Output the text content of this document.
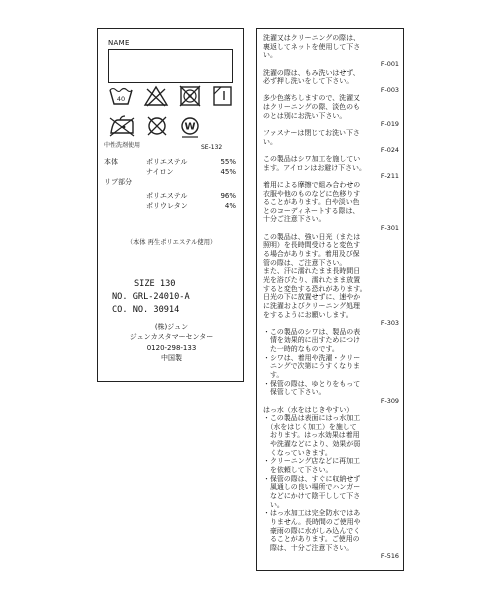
NAME
40
W
中性洗剤使用	SE-132
本体	ポリエステル	55%
ナイロン	45%
リブ部分
ポリエステル	96%
ポリウレタン	4%
（本体 再生ポリエステル使用）
SIZE 130
NO. GRL-24010-A
CO. NO. 30914
(株)ジュン
ジュンカスタマーセンター
0120-298-133
中国製
洗濯又はクリーニングの際は、
裏返してネットを使用して下さ
い。
F-001
洗濯の際は、もみ洗いはせず、
必ず押し洗いをして下さい。
F-003
多少色落ちしますので、洗濯又
はクリーニングの際、淡色のも
のとは別にお洗い下さい。
F-019
ファスナーは閉じてお洗い下さ
い。
F-024
この製品はシワ加工を施してい
ます。アイロンはお避け下さい。
F-211
着用による摩擦で組み合わせの
衣服や他のものなどに色移りす
ることがあります。白や淡い色
とのコーディネートする際は、
十分ご注意下さい。
F-301
この製品は、強い日光（または
照明）を長時間受けると変色す
る場合があります。着用及び保
管の際は、ご注意下さい。
また、汗に濡れたまま長時間日
光を浴びたり、濡れたまま放置
すると変色する恐れがあります。
日光の下に放置せずに、速やか
に洗濯およびクリーニング処理
をするようにお願いします。
F-303
・この製品のシワは、製品の表
　情を効果的に出すためにつけ
　た一時的なものです。
・シワは、着用や洗濯・クリー
　ニングで次第にうすくなりま
　す。
・保管の際は、ゆとりをもって
　保管して下さい。
F-309
はっ水（水をはじきやすい）
・この製品は表面にはっ水加工
　（水をはじく加工）を施して
　おります。はっ水効果は着用
　や洗濯などにより、効果が弱
　くなっていきます。
・クリーニング店などに再加工
　を依頼して下さい。
・保管の際は、すぐに収納せず
　風通しの良い場所でハンガー
　などにかけて陰干しして下さ
　い。
・はっ水加工は完全防水ではあ
　りません。長時間のご使用や
　豪雨の際に水がしみ込んでく
　ることがあります。ご使用の
　際は、十分ご注意下さい。
F-516
